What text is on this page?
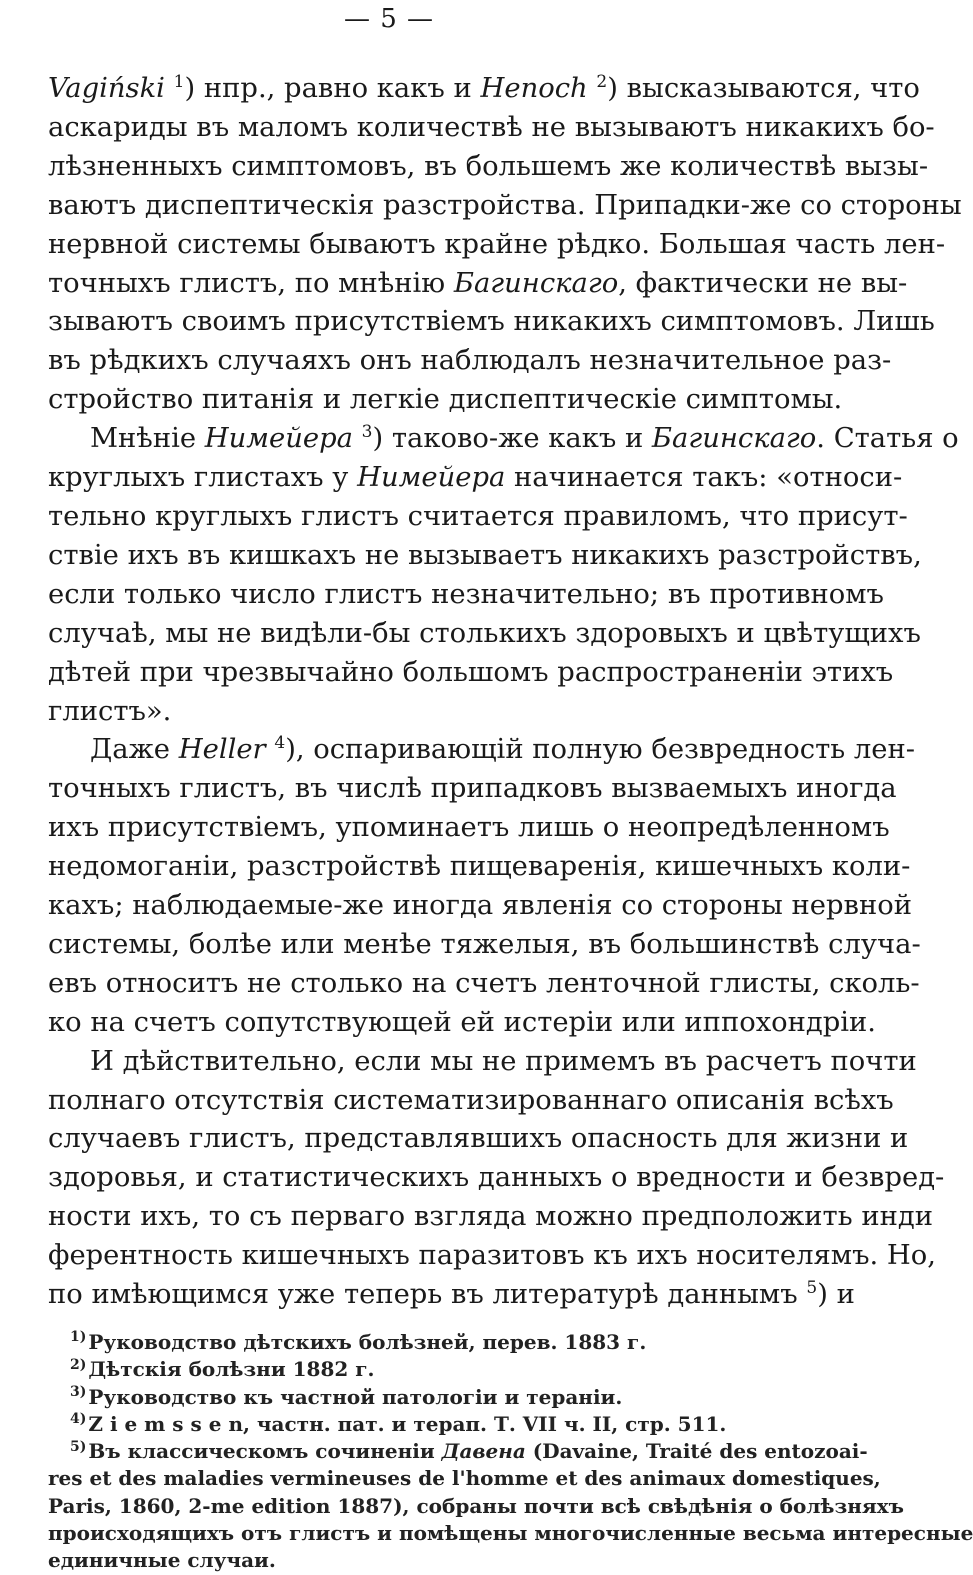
— 5 —
Vagiński $^1$) нпр., равно какъ и Henoch $^2$) высказываются, что
аскариды въ маломъ количествѣ не вызываютъ никакихъ бо-
лѣзненныхъ симптомовъ, въ большемъ же количествѣ вызы-
ваютъ диспептическія разстройства. Припадки-же со стороны
нервной системы бываютъ крайне рѣдко. Большая часть лен-
точныхъ глистъ, по мнѣнію Бaгинскаго, фактически не вы-
зываютъ своимъ присутствіемъ никакихъ симптомовъ. Лишь
въ рѣдкихъ случаяхъ онъ наблюдалъ незначительное раз-
стройство питанія и легкіе диспептическіе симптомы.
Мнѣніе Нимейера $^3$) таково-же какъ и Багинскаго. Статья о
круглыхъ глистахъ у Нимейера начинается такъ: «относи-
тельно круглыхъ глистъ считается правиломъ, что присут-
ствіе ихъ въ кишкахъ не вызываетъ никакихъ разстройствъ,
если только число глистъ незначительно; въ противномъ
случаѣ, мы не видѣли-бы столькихъ здоровыхъ и цвѣтущихъ
дѣтей при чрезвычайно большомъ распространеніи этихъ
глистъ».
Даже Heller $^4$), оспаривающій полную безвредность лен-
точныхъ глистъ, въ числѣ припадковъ вызваемыхъ иногда
ихъ присутствіемъ, упоминаетъ лишь о неопредѣленномъ
недомоганіи, разстройствѣ пищеваренія, кишечныхъ коли-
кахъ; наблюдаемые-же иногда явленія со стороны нервной
системы, болѣе или менѣе тяжелыя, въ большинствѣ случа-
евъ относитъ не столько на счетъ ленточной глисты, сколь-
ко на счетъ сопутствующей ей истеріи или иппохондріи.
И дѣйствительно, если мы не примемъ въ расчетъ почти
полнаго отсутствія систематизированнаго описанія всѣхъ
случаевъ глистъ, представлявшихъ опасность для жизни и
здоровья, и статистическихъ данныхъ о вредности и безвред-
ности ихъ, то съ перваго взгляда можно предположить инди
ферентность кишечныхъ паразитовъ къ ихъ носителямъ. Но,
по имѣющимся уже теперь въ литературѣ даннымъ $^5$) и
$^{1)}$ Руководство дѣтскихъ болѣзней, перев. 1883 г.
$^{2)}$ Дѣтскія болѣзни 1882 г.
$^{3)}$ Руководство къ частной патологіи и тераніи.
$^{4)}$ Z i e m s s e n, частн. пат. и терап. Т. VII ч. II, стр. 511.
$^{5)}$ Въ классическомъ сочиненіи Давена (Davaine, Traité des entozoai-
res et des maladies vermineuses de l'homme et des animaux domestiques,
Paris, 1860, 2-me edition 1887), собраны почти всѣ свѣдѣнія о болѣзняхъ
происходящихъ отъ глистъ и помѣщены многочисленные весьма интересные
единичные случаи.
